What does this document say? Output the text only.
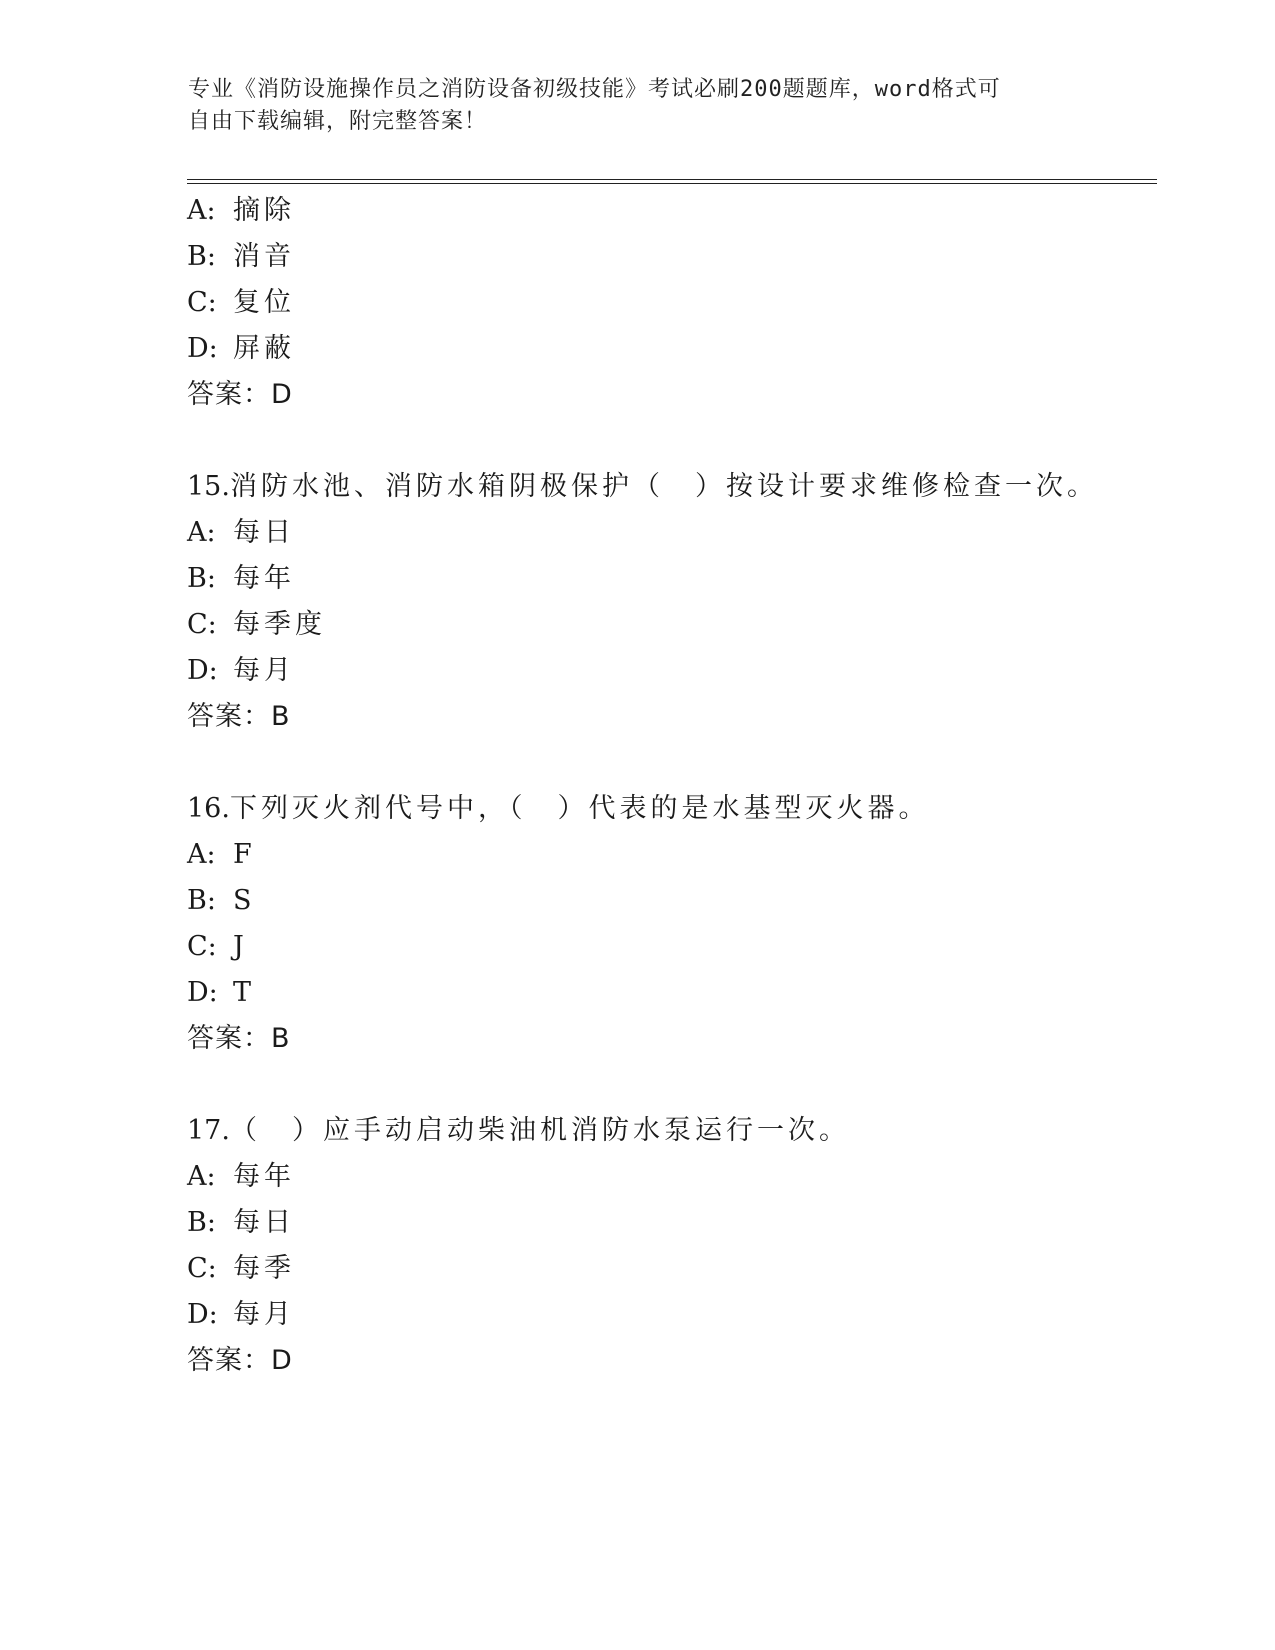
专业《消防设施操作员之消防设备初级技能》考试必刷200题题库，word格式可
自由下载编辑，附完整答案！
A: 摘除
B: 消音
C: 复位
D: 屏蔽
答案：D
15.消防水池、消防水箱阴极保护（　）按设计要求维修检查一次。
A: 每日
B: 每年
C: 每季度
D: 每月
答案：B
16.下列灭火剂代号中，（　）代表的是水基型灭火器。
A: F
B: S
C: J
D: T
答案：B
17.（　）应手动启动柴油机消防水泵运行一次。
A: 每年
B: 每日
C: 每季
D: 每月
答案：D
